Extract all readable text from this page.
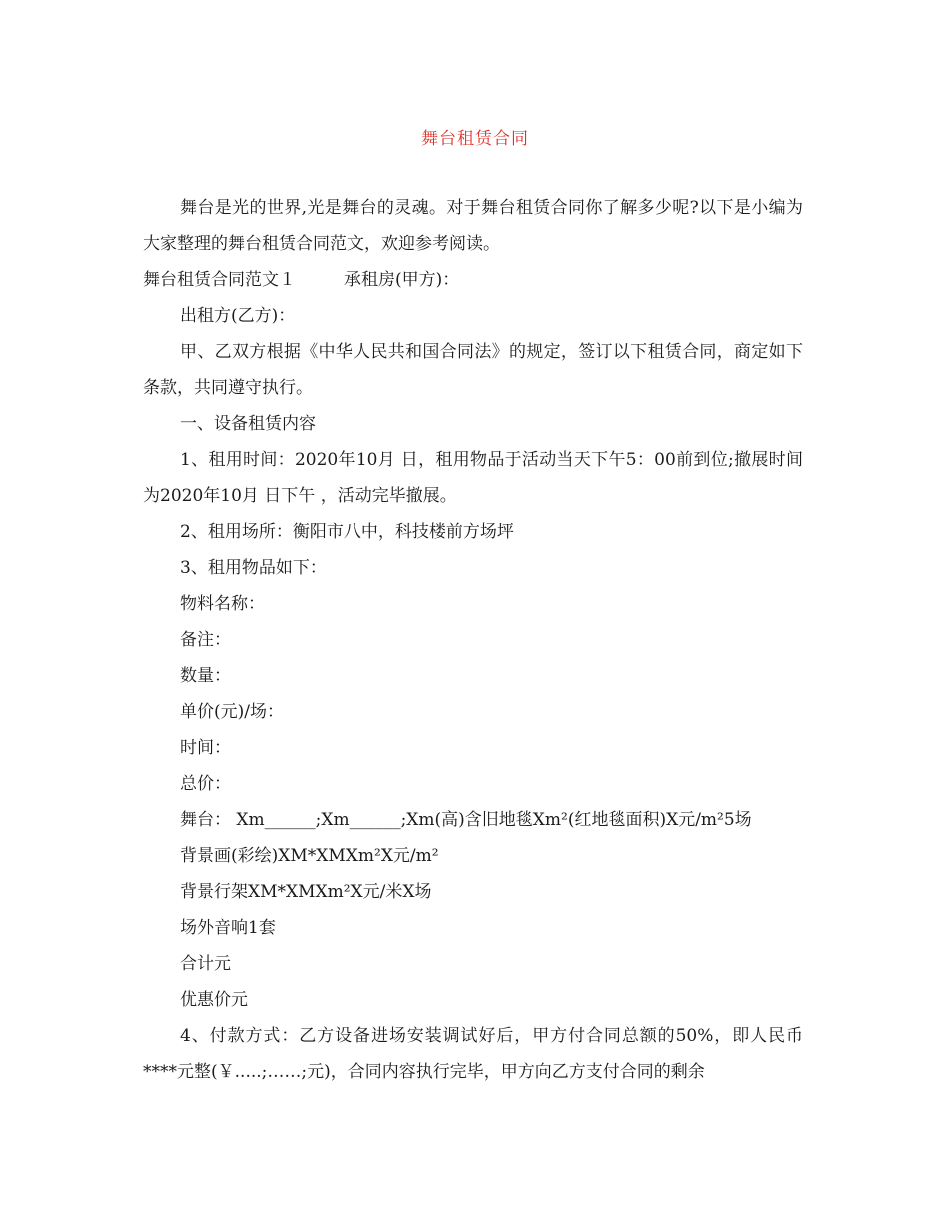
舞台租赁合同

舞台是光的世界,光是舞台的灵魂。对于舞台租赁合同你了解多少呢?以下是小编为大家整理的舞台租赁合同范文，欢迎参考阅读。

舞台租赁合同范文１	承租房(甲方)：

出租方(乙方)：

甲、乙双方根据《中华人民共和国合同法》的规定，签订以下租赁合同，商定如下条款，共同遵守执行。

一、设备租赁内容

1、租用时间：2020年10月 日，租用物品于活动当天下午5：00前到位;撤展时间为2020年10月 日下午 ，活动完毕撤展。

2、租用场所：衡阳市八中，科技楼前方场坪

3、租用物品如下：

物料名称：

备注：

数量：

单价(元)/场：

时间：

总价：

舞台： Xm______;Xm______;Xm(高)含旧地毯Xm²(红地毯面积)X元/m²5场

背景画(彩绘)XM*XMXm²X元/m²

背景行架XM*XMXm²X元/米X场

场外音响1套

合计元

优惠价元

4、付款方式：乙方设备进场安装调试好后，甲方付合同总额的50%，即人民币****元整(￥.....;……;元)，合同内容执行完毕，甲方向乙方支付合同的剩余
